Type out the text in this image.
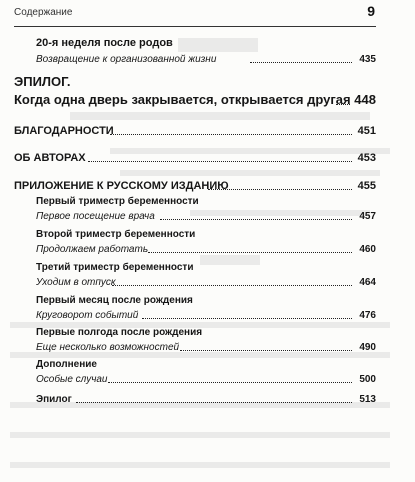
Содержание	9
20-я неделя после родов
Возвращение к организованной жизни	435
ЭПИЛОГ.
Когда одна дверь закрывается, открывается другая 448
БЛАГОДАРНОСТИ	451
ОБ АВТОРАХ	453
ПРИЛОЖЕНИЕ К РУССКОМУ ИЗДАНИЮ	455
Первый триместр беременности
Первое посещение врача	457
Второй триместр беременности
Продолжаем работать	460
Третий триместр беременности
Уходим в отпуск	464
Первый месяц после рождения
Круговорот событий	476
Первые полгода после рождения
Еще несколько возможностей	490
Дополнение
Особые случаи	500
Эпилог	513
